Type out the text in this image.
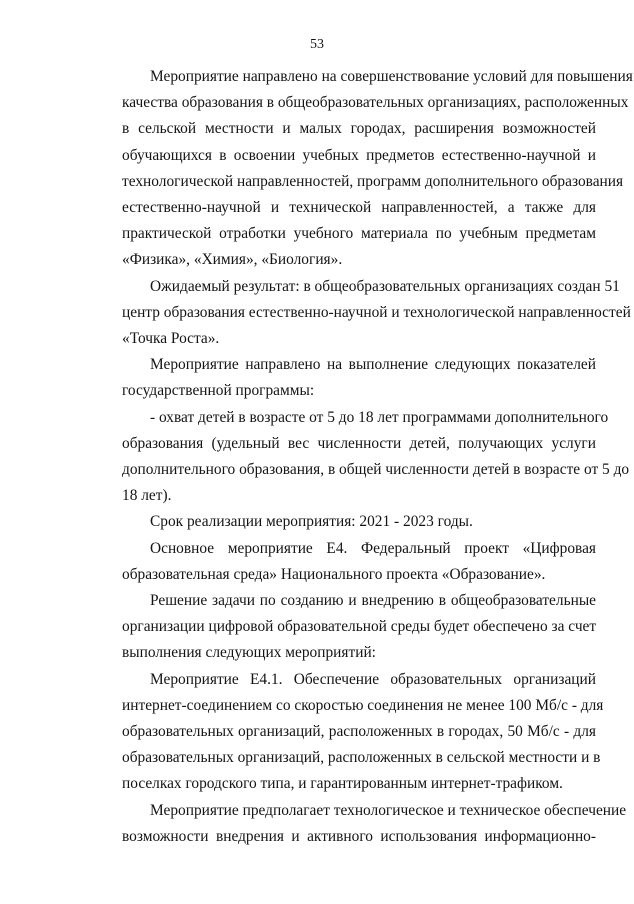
53
Мероприятие направлено на совершенствование условий для повышения
качества образования в общеобразовательных организациях, расположенных
в сельской местности и малых городах, расширения возможностей
обучающихся в освоении учебных предметов естественно-научной и
технологической направленностей, программ дополнительного образования
естественно-научной и технической направленностей, а также для
практической отработки учебного материала по учебным предметам
«Физика», «Химия», «Биология».
Ожидаемый результат: в общеобразовательных организациях создан 51
центр образования естественно-научной и технологической направленностей
«Точка Роста».
Мероприятие направлено на выполнение следующих показателей
государственной программы:
- охват детей в возрасте от 5 до 18 лет программами дополнительного
образования (удельный вес численности детей, получающих услуги
дополнительного образования, в общей численности детей в возрасте от 5 до
18 лет).
Срок реализации мероприятия: 2021 - 2023 годы.
Основное мероприятие Е4. Федеральный проект «Цифровая
образовательная среда» Национального проекта «Образование».
Решение задачи по созданию и внедрению в общеобразовательные
организации цифровой образовательной среды будет обеспечено за счет
выполнения следующих мероприятий:
Мероприятие Е4.1. Обеспечение образовательных организаций
интернет-соединением со скоростью соединения не менее 100 Мб/с - для
образовательных организаций, расположенных в городах, 50 Мб/с - для
образовательных организаций, расположенных в сельской местности и в
поселках городского типа, и гарантированным интернет-трафиком.
Мероприятие предполагает технологическое и техническое обеспечение
возможности внедрения и активного использования информационно-
